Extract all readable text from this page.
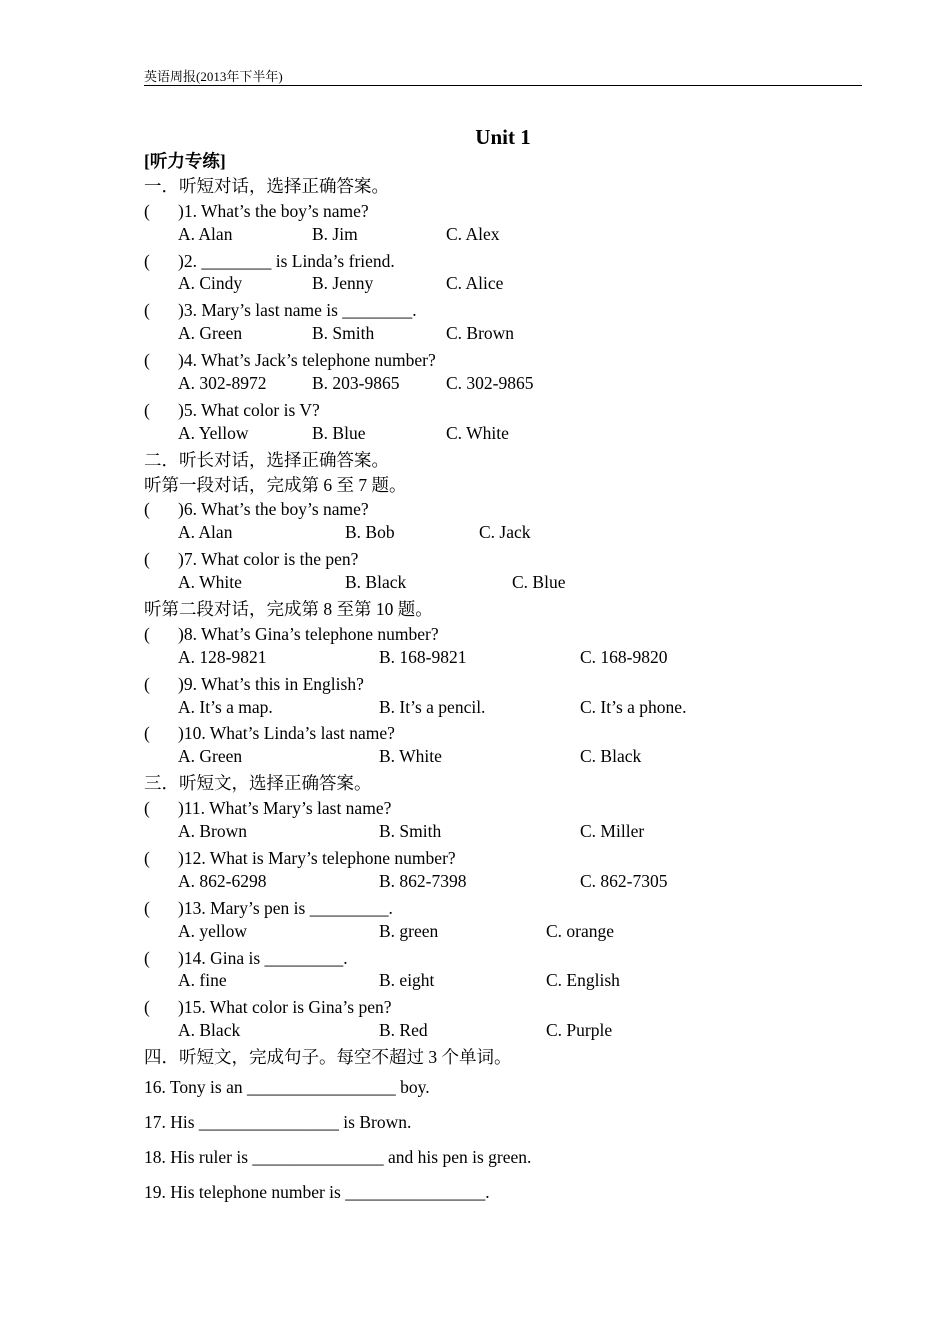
英语周报(2013年下半年)
Unit 1
[听力专练]
一．听短对话，选择正确答案。
( )1. What’s the boy’s name?
A. Alan	B. Jim	C. Alex
( )2. ________ is Linda’s friend.
A. Cindy	B. Jenny	C. Alice
( )3. Mary’s last name is ________.
A. Green	B. Smith	C. Brown
( )4. What’s Jack’s telephone number?
A. 302-8972	B. 203-9865	C. 302-9865
( )5. What color is V?
A. Yellow	B. Blue	C. White
二．听长对话，选择正确答案。
听第一段对话，完成第 6 至 7 题。
( )6. What’s the boy’s name?
A. Alan	B. Bob	C. Jack
( )7. What color is the pen?
A. White	B. Black	C. Blue
听第二段对话，完成第 8 至第 10 题。
( )8. What’s Gina’s telephone number?
A. 128-9821	B. 168-9821	C. 168-9820
( )9. What’s this in English?
A. It’s a map.	B. It’s a pencil.	C. It’s a phone.
( )10. What’s Linda’s last name?
A. Green	B. White	C. Black
三．听短文，选择正确答案。
( )11. What’s Mary’s last name?
A. Brown	B. Smith	C. Miller
( )12. What is Mary’s telephone number?
A. 862-6298	B. 862-7398	C. 862-7305
( )13. Mary’s pen is _________.
A. yellow	B. green	C. orange
( )14. Gina is _________.
A. fine	B. eight	C. English
( )15. What color is Gina’s pen?
A. Black	B. Red	C. Purple
四．听短文，完成句子。每空不超过 3 个单词。
16. Tony is an _________________ boy.
17. His ________________ is Brown.
18. His ruler is _______________ and his pen is green.
19. His telephone number is ________________.
